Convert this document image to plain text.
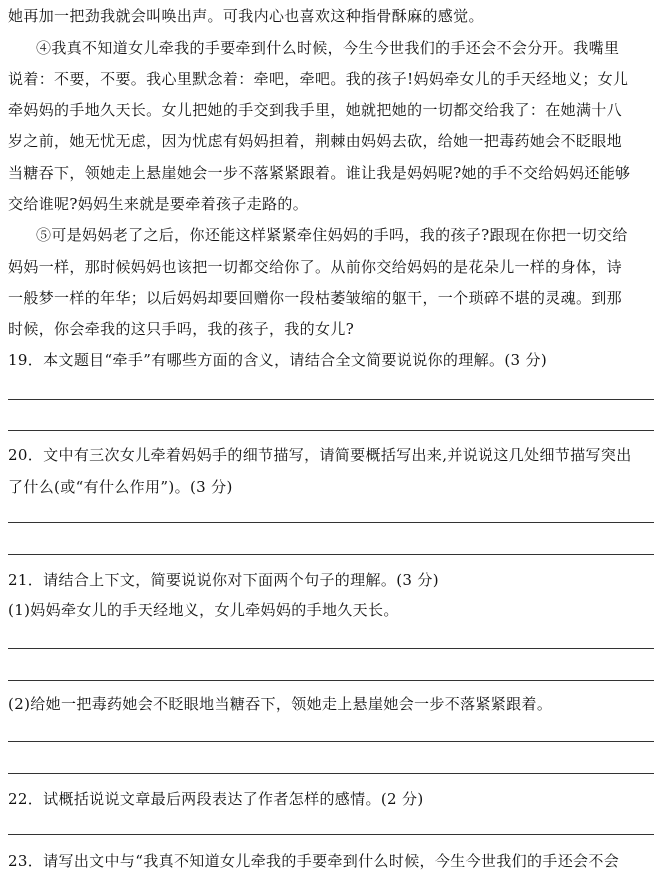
她再加一把劲我就会叫唤出声。可我内心也喜欢这种指骨酥麻的感觉。
④我真不知道女儿牵我的手要牵到什么时候，今生今世我们的手还会不会分开。我嘴里
说着：不要，不要。我心里默念着：牵吧，牵吧。我的孩子!妈妈牵女儿的手天经地义；女儿
牵妈妈的手地久天长。女儿把她的手交到我手里，她就把她的一切都交给我了：在她满十八
岁之前，她无忧无虑，因为忧虑有妈妈担着，荆棘由妈妈去砍，给她一把毒药她会不眨眼地
当糖吞下，领她走上悬崖她会一步不落紧紧跟着。谁让我是妈妈呢?她的手不交给妈妈还能够
交给谁呢?妈妈生来就是要牵着孩子走路的。
⑤可是妈妈老了之后，你还能这样紧紧牵住妈妈的手吗，我的孩子?跟现在你把一切交给
妈妈一样，那时候妈妈也该把一切都交给你了。从前你交给妈妈的是花朵儿一样的身体，诗
一般梦一样的年华；以后妈妈却要回赠你一段枯萎皱缩的躯干，一个琐碎不堪的灵魂。到那
时候，你会牵我的这只手吗，我的孩子，我的女儿?
19．本文题目“牵手”有哪些方面的含义，请结合全文简要说说你的理解。(3 分)
20．文中有三次女儿牵着妈妈手的细节描写，请简要概括写出来,并说说这几处细节描写突出
了什么(或“有什么作用”)。(3 分)
21．请结合上下文，简要说说你对下面两个句子的理解。(3 分)
(1)妈妈牵女儿的手天经地义，女儿牵妈妈的手地久天长。
(2)给她一把毒药她会不眨眼地当糖吞下，领她走上悬崖她会一步不落紧紧跟着。
22．试概括说说文章最后两段表达了作者怎样的感情。(2 分)
23．请写出文中与“我真不知道女儿牵我的手要牵到什么时候，今生今世我们的手还会不会
